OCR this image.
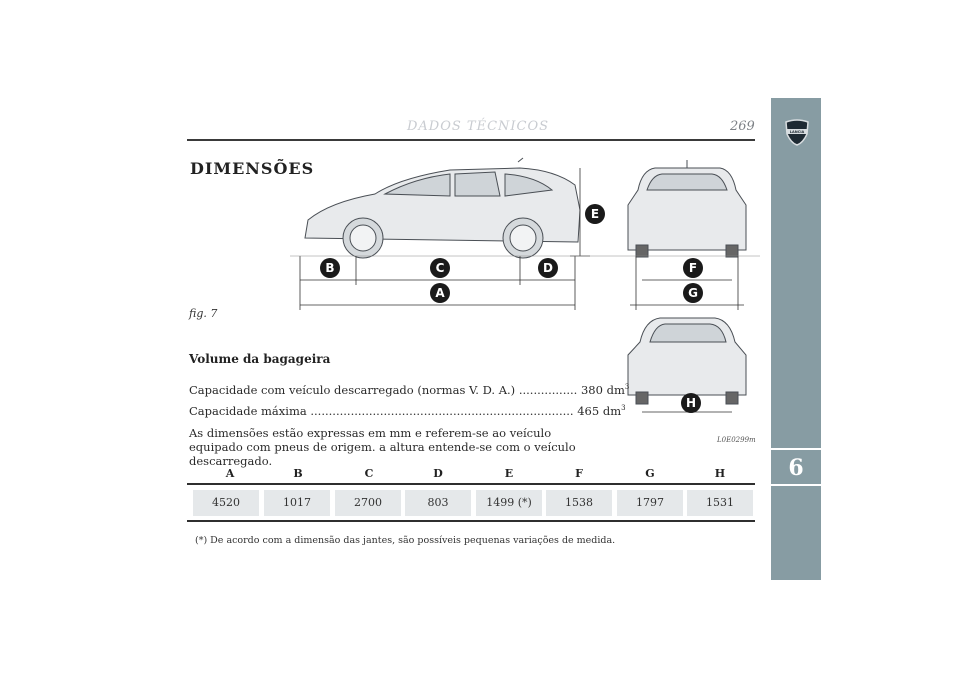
DADOS TÉCNICOS	269	LANCIA
6
DIMENSÕES
B	C	D
A
E
F
G
H
fig. 7
L0E0299m
Volume da bagageira
Capacidade com veículo descarregado (normas V. D. A.) ................ 380 $dm^3$
Capacidade máxima ........................................................................ 465 $dm^3$
As dimensões estão expressas em mm e referem-se ao veículo equipado com pneus de origem. a altura entende-se com o veículo descarregado.
A	B	C	D	E	F	G	H
4520	1017	2700	803	1499 (*)	1538	1797	1531
(*) De acordo com a dimensão das jantes, são possíveis pequenas variações de medida.
